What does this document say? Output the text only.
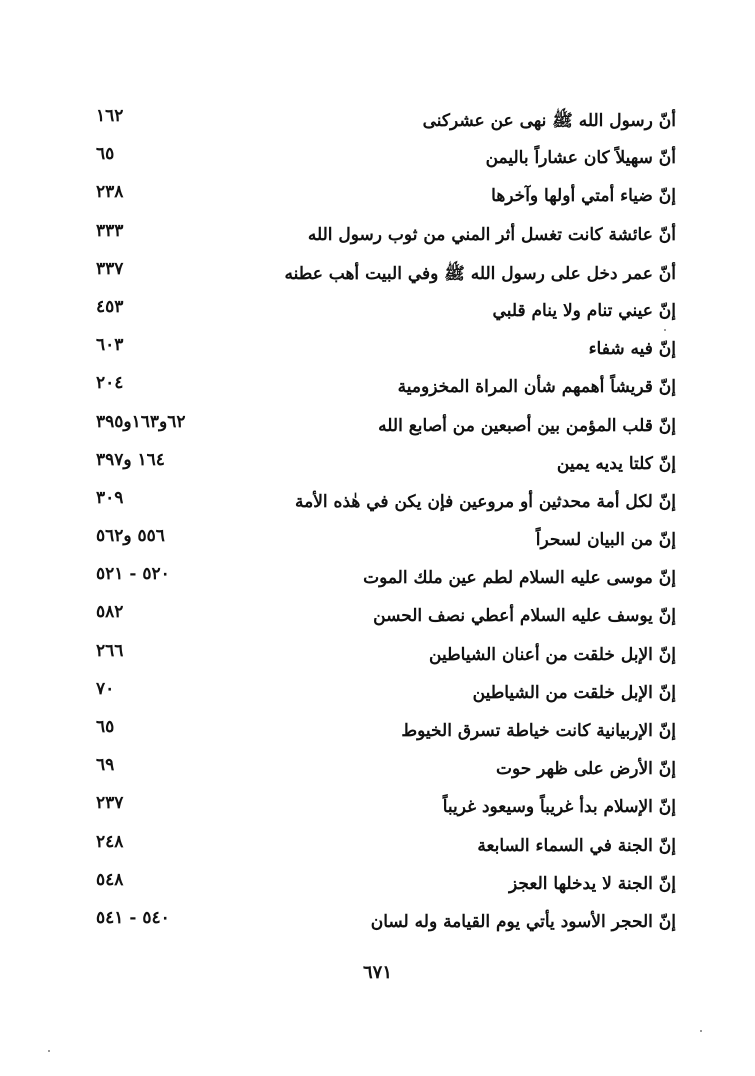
أنّ رسول الله ﷺ نهى عن عشركنى
١٦٢
أنّ سهيلاً كان عشاراً باليمن
٦٥
إنّ ضياء أمتي أولها وآخرها
٢٣٨
أنّ عائشة كانت تغسل أثر المني من ثوب رسول الله
٣٣٣
أنّ عمر دخل على رسول الله ﷺ وفي البيت أهب عطنه
٣٣٧
إنّ عيني تنام ولا ينام قلبي
٤٥٣
إنّ فيه شفاء
٦٠٣
إنّ قريشاً أهمهم شأن المراة المخزومية
٢٠٤
إنّ قلب المؤمن بين أصبعين من أصابع الله
٦٢و١٦٣و٣٩٥
إنّ كلتا يديه يمين
١٦٤ و٣٩٧
إنّ لكل أمة محدثين أو مروعين فإن يكن في هٰذه الأمة
٣٠٩
إنّ من البيان لسحراً
٥٥٦ و٥٦٢
إنّ موسى عليه السلام لطم عين ملك الموت
٥٢٠ - ٥٢١
إنّ يوسف عليه السلام أعطي نصف الحسن
٥٨٢
إنّ الإبل خلقت من أعنان الشياطين
٢٦٦
إنّ الإبل خلقت من الشياطين
٧٠
إنّ الإربيانية كانت خياطة تسرق الخيوط
٦٥
إنّ الأرض على ظهر حوت
٦٩
إنّ الإسلام بدأ غريباً وسيعود غريباً
٢٣٧
إنّ الجنة في السماء السابعة
٢٤٨
إنّ الجنة لا يدخلها العجز
٥٤٨
إنّ الحجر الأسود يأتي يوم القيامة وله لسان
٥٤٠ - ٥٤١
٦٧١
